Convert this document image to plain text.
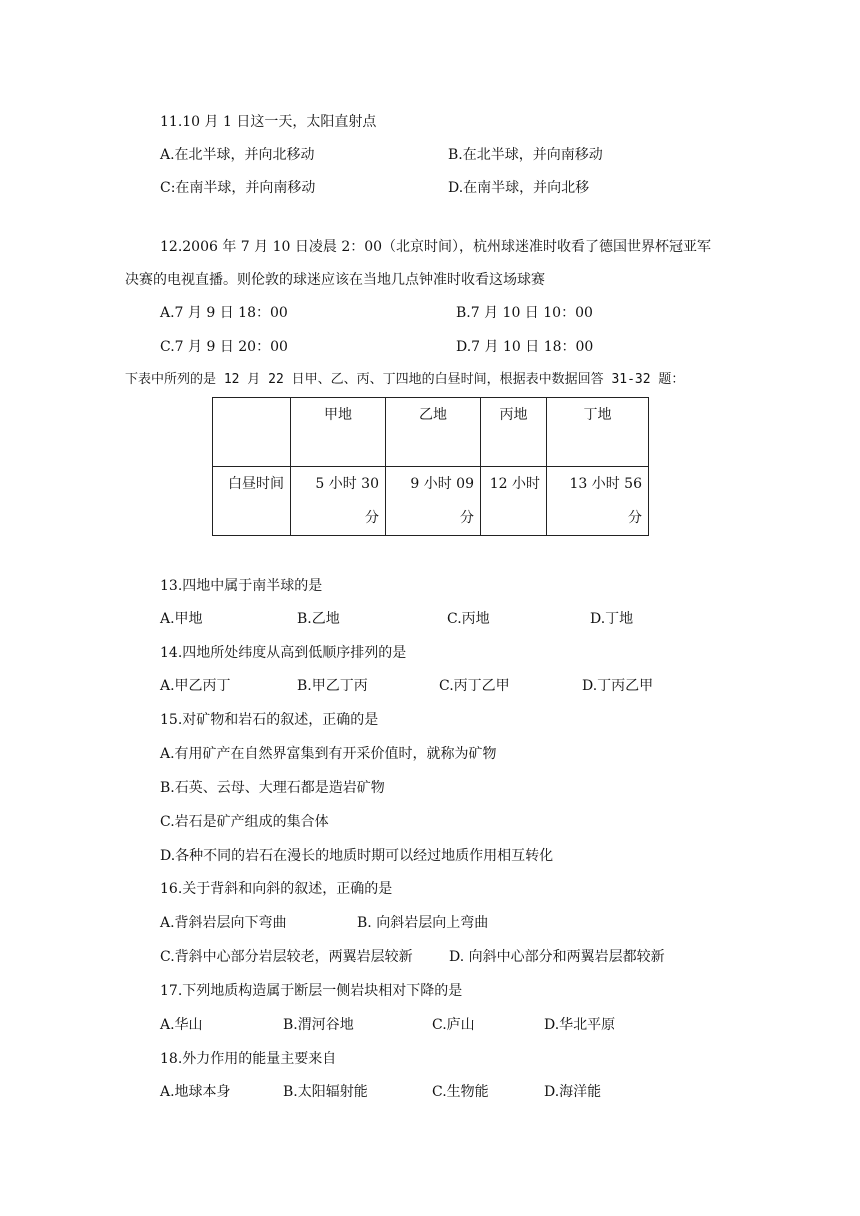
11.10 月 1 日这一天，太阳直射点
A.在北半球，并向北移动	B.在北半球，并向南移动
C:在南半球，并向南移动	D.在南半球，并向北移
12.2006 年 7 月 10 日凌晨 2：00（北京时间），杭州球迷准时收看了德国世界杯冠亚军
决赛的电视直播。则伦敦的球迷应该在当地几点钟准时收看这场球赛
A.7 月 9 日 18：00	B.7 月 10 日 10：00
C.7 月 9 日 20：00	D.7 月 10 日 18：00
下表中所列的是 12 月 22 日甲、乙、丙、丁四地的白昼时间，根据表中数据回答 31-32 题：
	甲地	乙地	丙地	丁地
白昼时间	5 小时 30 分	9 小时 09 分	12 小时	13 小时 56 分
13.四地中属于南半球的是
A.甲地	B.乙地	C.丙地	D.丁地
14.四地所处纬度从高到低顺序排列的是
A.甲乙丙丁	B.甲乙丁丙	C.丙丁乙甲	D.丁丙乙甲
15.对矿物和岩石的叙述，正确的是
A.有用矿产在自然界富集到有开采价值时，就称为矿物
B.石英、云母、大理石都是造岩矿物
C.岩石是矿产组成的集合体
D.各种不同的岩石在漫长的地质时期可以经过地质作用相互转化
16.关于背斜和向斜的叙述，正确的是
A.背斜岩层向下弯曲	B. 向斜岩层向上弯曲
C.背斜中心部分岩层较老，两翼岩层较新	D. 向斜中心部分和两翼岩层都较新
17.下列地质构造属于断层一侧岩块相对下降的是
A.华山	B.渭河谷地	C.庐山	D.华北平原
18.外力作用的能量主要来自
A.地球本身	B.太阳辐射能	C.生物能	D.海洋能
